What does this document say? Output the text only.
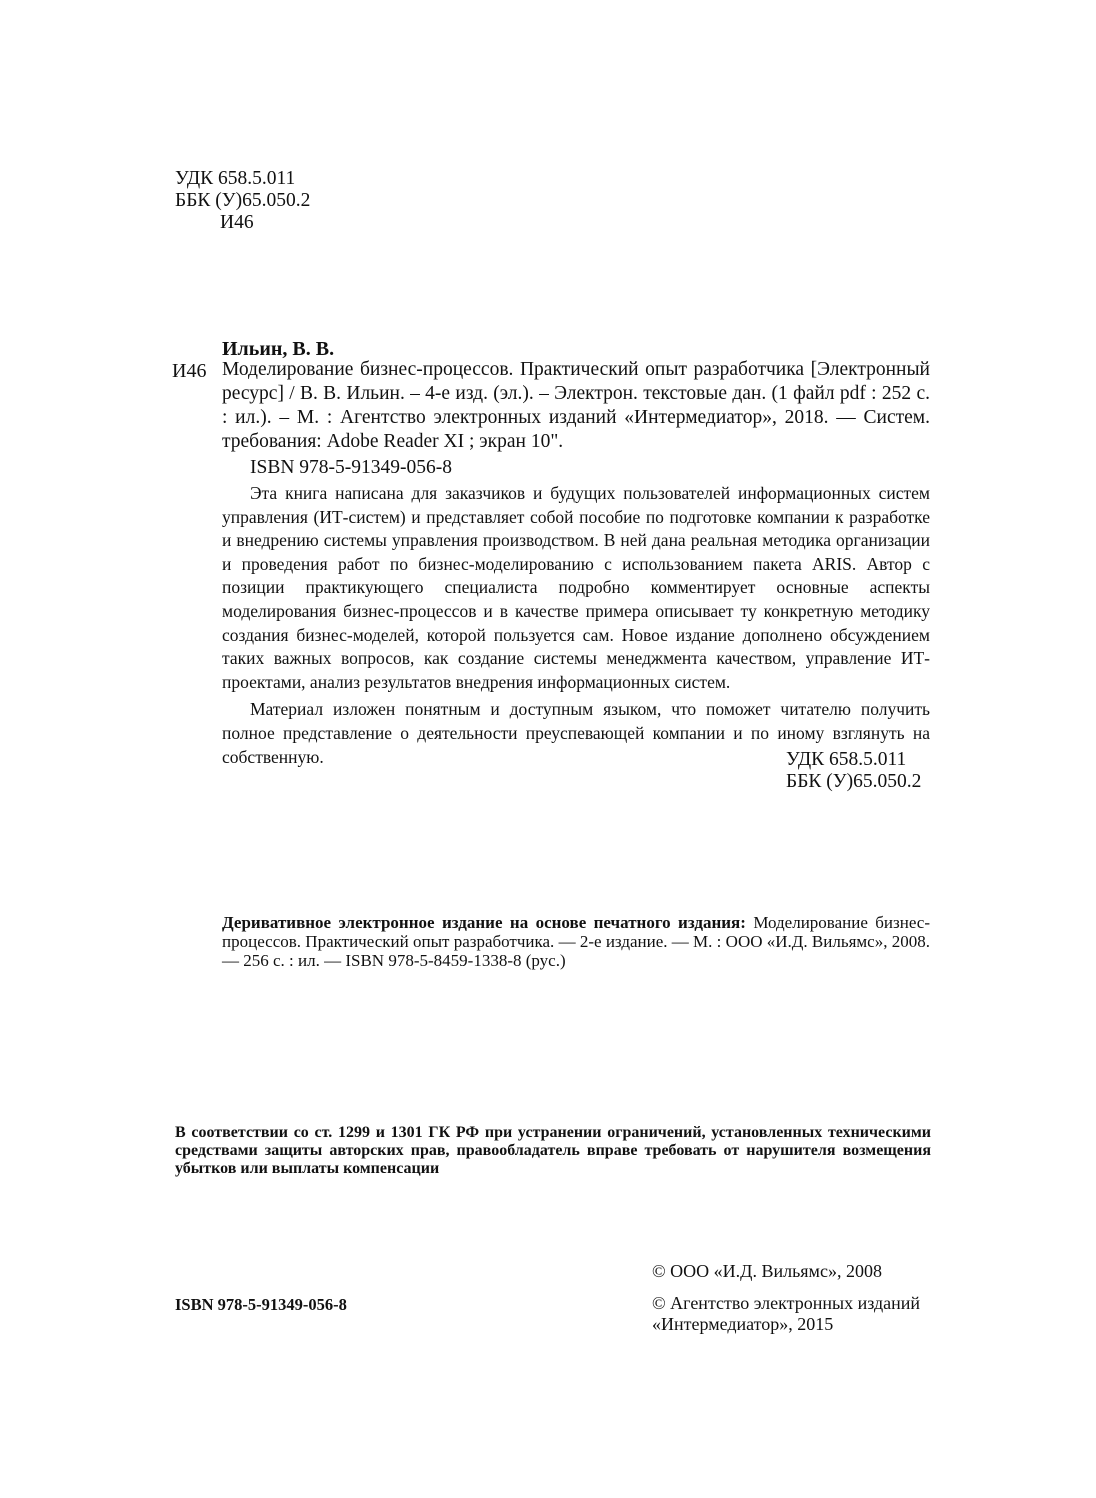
УДК 658.5.011
ББК (У)65.050.2
И46
Ильин, В. В.
И46 Моделирование бизнес-процессов. Практический опыт разработчика [Электронный ресурс] / В. В. Ильин. – 4-е изд. (эл.). – Электрон. текстовые дан. (1 файл pdf : 252 с. : ил.). – М. : Агентство электронных изданий «Интермедиатор», 2018. — Систем. требования: Adobe Reader XI ; экран 10".
ISBN 978-5-91349-056-8

Эта книга написана для заказчиков и будущих пользователей информационных систем управления (ИТ-систем) и представляет собой пособие по подготовке компании к разработке и внедрению системы управления производством. В ней дана реальная методика организации и проведения работ по бизнес-моделированию с использованием пакета ARIS. Автор с позиции практикующего специалиста подробно комментирует основные аспекты моделирования бизнес-процессов и в качестве примера описывает ту конкретную методику создания бизнес-моделей, которой пользуется сам. Новое издание дополнено обсуждением таких важных вопросов, как создание системы менеджмента качеством, управление ИТ-проектами, анализ результатов внедрения информационных систем.

Материал изложен понятным и доступным языком, что поможет читателю получить полное представление о деятельности преуспевающей компании и по иному взглянуть на собственную.	УДК 658.5.011
ББК (У)65.050.2
Деривативное электронное издание на основе печатного издания: Моделирование бизнес-процессов. Практический опыт разработчика. — 2-е издание. — М. : ООО «И.Д. Вильямс», 2008. — 256 с. : ил. — ISBN 978-5-8459-1338-8 (рус.)
В соответствии со ст. 1299 и 1301 ГК РФ при устранении ограничений, установленных техническими средствами защиты авторских прав, правообладатель вправе требовать от нарушителя возмещения убытков или выплаты компенсации
© ООО «И.Д. Вильямс», 2008
ISBN 978-5-91349-056-8	© Агентство электронных изданий
«Интермедиатор», 2015
